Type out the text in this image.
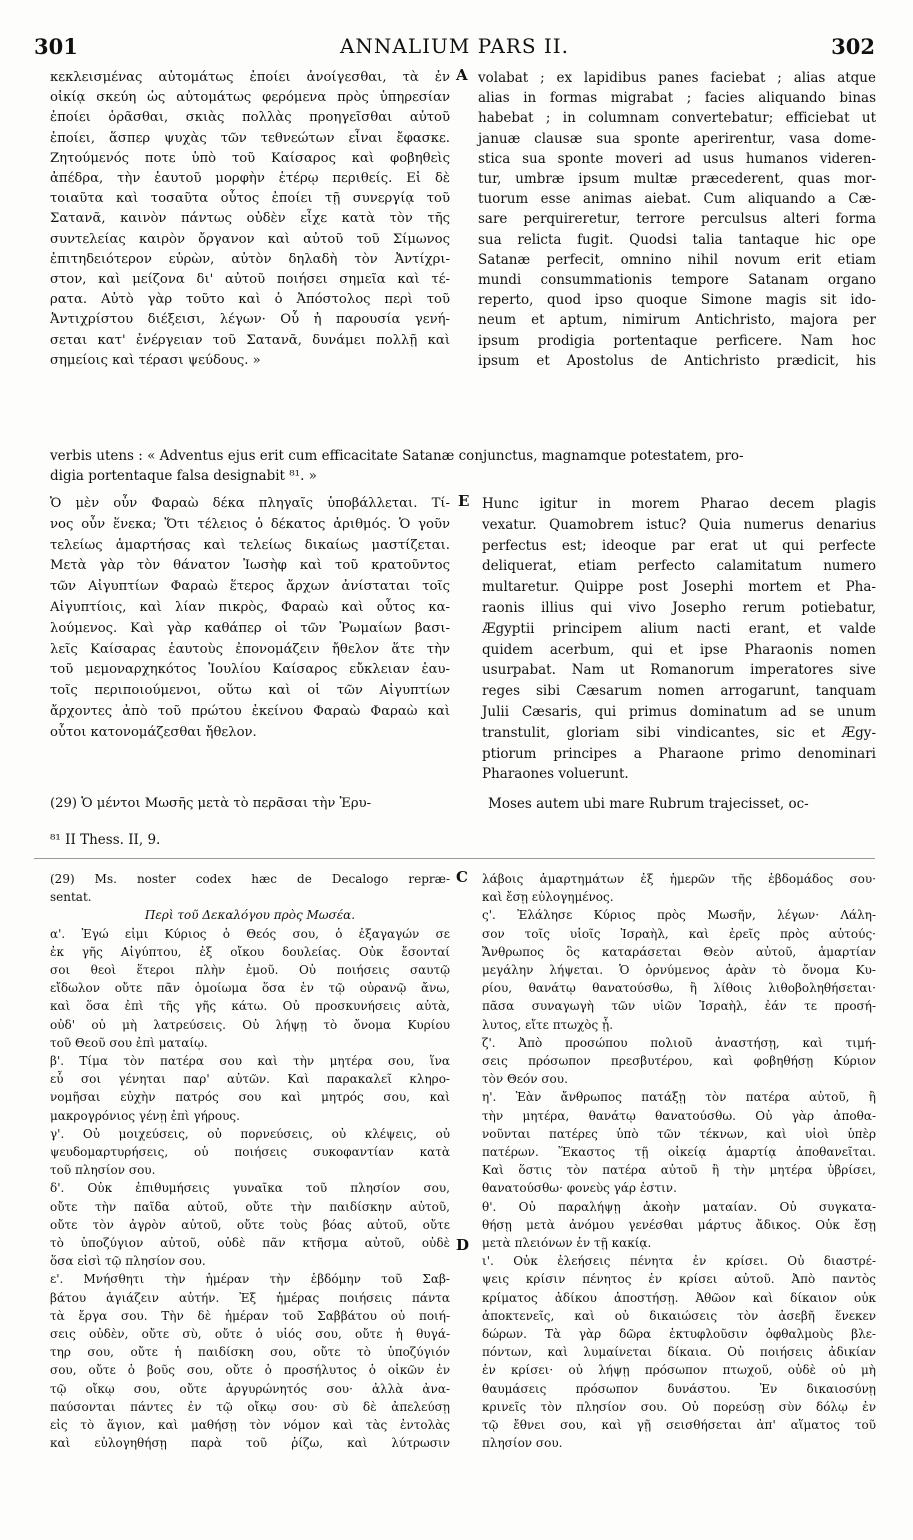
301	ANNALIUM PARS II.	302
A
E
C
D

κεκλεισμένας αὐτομάτως ἐποίει ἀνοίγεσθαι, τὰ ἐν

οἰκίᾳ σκεύη ὡς αὐτομάτως φερόμενα πρὸς ὑπηρεσίαν

ἐποίει ὁρᾶσθαι, σκιὰς πολλὰς προηγεῖσθαι αὐτοῦ

ἐποίει, ἅσπερ ψυχὰς τῶν τεθνεώτων εἶναι ἔφασκε.

Ζητούμενός ποτε ὑπὸ τοῦ Καίσαρος καὶ φοβηθεὶς

ἀπέδρα, τὴν ἑαυτοῦ μορφὴν ἑτέρῳ περιθείς. Εἰ δὲ

τοιαῦτα καὶ τοσαῦτα οὗτος ἐποίει τῇ συνεργίᾳ τοῦ

Σατανᾶ, καινὸν πάντως οὐδὲν εἶχε κατὰ τὸν τῆς

συντελείας καιρὸν ὄργανον καὶ αὐτοῦ τοῦ Σίμωνος

ἐπιτηδειότερον εὑρὼν, αὐτὸν δηλαδὴ τὸν Ἀντίχρι-

στον, καὶ μείζονα δι' αὐτοῦ ποιήσει σημεῖα καὶ τέ-

ρατα. Αὐτὸ γὰρ τοῦτο καὶ ὁ Ἀπόστολος περὶ τοῦ

Ἀντιχρίστου διέξεισι, λέγων· Οὗ ἡ παρουσία γενή-

σεται κατ' ἐνέργειαν τοῦ Σατανᾶ, δυνάμει πολλῇ καὶ

σημείοις καὶ τέρασι ψεύδους. »

volabat ; ex lapidibus panes faciebat ; alias atque

alias in formas migrabat ; facies aliquando binas

habebat ; in columnam convertebatur; efficiebat ut

januæ clausæ sua sponte aperirentur, vasa dome-

stica sua sponte moveri ad usus humanos videren-

tur, umbræ ipsum multæ præcederent, quas mor-

tuorum esse animas aiebat. Cum aliquando a Cæ-

sare perquireretur, terrore perculsus alteri forma

sua relicta fugit. Quodsi talia tantaque hic ope

Satanæ perfecit, omnino nihil novum erit etiam

mundi consummationis tempore Satanam organo

reperto, quod ipso quoque Simone magis sit ido-

neum et aptum, nimirum Antichristo, majora per

ipsum prodigia portentaque perficere. Nam hoc

ipsum et Apostolus de Antichristo prædicit, his

verbis utens : « Adventus ejus erit cum efficacitate Satanæ conjunctus, magnamque potestatem, pro-
digia portentaque falsa designabit ⁸¹. »

Ὁ μὲν οὖν Φαραὼ δέκα πληγαῖς ὑποβάλλεται. Τί-

νος οὖν ἕνεκα; Ὅτι τέλειος ὁ δέκατος ἀριθμός. Ὁ γοῦν

τελείως ἁμαρτήσας καὶ τελείως δικαίως μαστίζεται.

Μετὰ γὰρ τὸν θάνατον Ἰωσὴφ καὶ τοῦ κρατοῦντος

τῶν Αἰγυπτίων Φαραὼ ἕτερος ἄρχων ἀνίσταται τοῖς

Αἰγυπτίοις, καὶ λίαν πικρὸς, Φαραὼ καὶ οὗτος κα-

λούμενος. Καὶ γὰρ καθάπερ οἱ τῶν Ῥωμαίων βασι-

λεῖς Καίσαρας ἑαυτοὺς ἐπονομάζειν ἤθελον ἅτε τὴν

τοῦ μεμοναρχηκότος Ἰουλίου Καίσαρος εὔκλειαν ἑαυ-

τοῖς περιποιούμενοι, οὕτω καὶ οἱ τῶν Αἰγυπτίων

ἄρχοντες ἀπὸ τοῦ πρώτου ἐκείνου Φαραὼ Φαραὼ καὶ

οὗτοι κατονομάζεσθαι ἤθελον.

Hunc igitur in morem Pharao decem plagis

vexatur. Quamobrem istuc? Quia numerus denarius

perfectus est; ideoque par erat ut qui perfecte

deliquerat, etiam perfecto calamitatum numero

multaretur. Quippe post Josephi mortem et Pha-

raonis illius qui vivo Josepho rerum potiebatur,

Ægyptii principem alium nacti erant, et valde

quidem acerbum, qui et ipse Pharaonis nomen

usurpabat. Nam ut Romanorum imperatores sive

reges sibi Cæsarum nomen arrogarunt, tanquam

Julii Cæsaris, qui primus dominatum ad se unum

transtulit, gloriam sibi vindicantes, sic et Ægy-

ptiorum principes a Pharaone primo denominari

Pharaones voluerunt.

(29) Ὁ μέντοι Μωσῆς μετὰ τὸ περᾶσαι τὴν Ἐρυ-	Moses autem ubi mare Rubrum trajecisset, oc-
⁸¹ II Thess. II, 9.

(29) Ms. noster codex hæc de Decalogo repræ-

sentat.

Περὶ τοῦ Δεκαλόγου πρὸς Μωσέα.

α'. Ἐγώ εἰμι Κύριος ὁ Θεός σου, ὁ ἐξαγαγών σε

ἐκ γῆς Αἰγύπτου, ἐξ οἴκου δουλείας. Οὐκ ἔσονταί

σοι θεοὶ ἕτεροι πλὴν ἐμοῦ. Οὐ ποιήσεις σαυτῷ

εἴδωλον οὔτε πᾶν ὁμοίωμα ὅσα ἐν τῷ οὐρανῷ ἄνω,

καὶ ὅσα ἐπὶ τῆς γῆς κάτω. Οὐ προσκυνήσεις αὐτὰ,

οὐδ' οὐ μὴ λατρεύσεις. Οὐ λήψῃ τὸ ὄνομα Κυρίου

τοῦ Θεοῦ σου ἐπὶ ματαίῳ.

β'. Τίμα τὸν πατέρα σου καὶ τὴν μητέρα σου, ἵνα

εὖ σοι γένηται παρ' αὐτῶν. Καὶ παρακαλεῖ κληρο-

νομῆσαι εὐχὴν πατρός σου καὶ μητρός σου, καὶ

μακρογρόνιος γένῃ ἐπὶ γήρους.

γ'. Οὐ μοιχεύσεις, οὐ πορνεύσεις, οὐ κλέψεις, οὐ

ψευδομαρτυρήσεις, οὐ ποιήσεις συκοφαντίαν κατὰ

τοῦ πλησίον σου.

δ'. Οὐκ ἐπιθυμήσεις γυναῖκα τοῦ πλησίον σου,

οὔτε τὴν παῖδα αὐτοῦ, οὔτε τὴν παιδίσκην αὐτοῦ,

οὔτε τὸν ἀγρὸν αὐτοῦ, οὔτε τοὺς βόας αὐτοῦ, οὔτε

τὸ ὑποζύγιον αὐτοῦ, οὐδὲ πᾶν κτῆσμα αὐτοῦ, οὐδὲ

ὅσα εἰσὶ τῷ πλησίον σου.

ε'. Μνήσθητι τὴν ἡμέραν τὴν ἑβδόμην τοῦ Σαβ-

βάτου ἁγιάζειν αὐτήν. Ἐξ ἡμέρας ποιήσεις πάντα

τὰ ἔργα σου. Τὴν δὲ ἡμέραν τοῦ Σαββάτου οὐ ποιή-

σεις οὐδὲν, οὔτε σὺ, οὔτε ὁ υἱός σου, οὔτε ἡ θυγά-

τηρ σου, οὔτε ἡ παιδίσκη σου, οὔτε τὸ ὑποζύγιόν

σου, οὔτε ὁ βοῦς σου, οὔτε ὁ προσήλυτος ὁ οἰκῶν ἐν

τῷ οἴκῳ σου, οὔτε ἀργυρώνητός σου· ἀλλὰ ἀνα-

παύσονται πάντες ἐν τῷ οἴκῳ σου· σὺ δὲ ἀπελεύσῃ

εἰς τὸ ἅγιον, καὶ μαθήσῃ τὸν νόμον καὶ τὰς ἐντολὰς

καὶ εὐλογηθήσῃ παρὰ τοῦ ῥίζω, καὶ λύτρωσιν

λάβοις ἁμαρτημάτων ἐξ ἡμερῶν τῆς ἑβδομάδος σου·

καὶ ἔσῃ εὐλογημένος.

ς'. Ἐλάλησε Κύριος πρὸς Μωσῆν, λέγων· Λάλη-

σον τοῖς υἱοῖς Ἰσραὴλ, καὶ ἐρεῖς πρὸς αὐτούς·

Ἄνθρωπος ὃς καταράσεται Θεὸν αὐτοῦ, ἁμαρτίαν

μεγάλην λήψεται. Ὁ ὀρνύμενος ἀρὰν τὸ ὄνομα Κυ-

ρίου, θανάτῳ θανατούσθω, ἢ λίθοις λιθοβοληθήσεται·

πᾶσα συναγωγὴ τῶν υἱῶν Ἰσραὴλ, ἐάν τε προσή-

λυτος, εἴτε πτωχὸς ᾖ.

ζ'. Ἀπὸ προσώπου πολιοῦ ἀναστήσῃ, καὶ τιμή-

σεις πρόσωπον πρεσβυτέρου, καὶ φοβηθήσῃ Κύριον

τὸν Θεόν σου.

η'. Ἐὰν ἄνθρωπος πατάξῃ τὸν πατέρα αὐτοῦ, ἢ

τὴν μητέρα, θανάτῳ θανατούσθω. Οὐ γὰρ ἀποθα-

νοῦνται πατέρες ὑπὸ τῶν τέκνων, καὶ υἱοὶ ὑπὲρ

πατέρων. Ἕκαστος τῇ οἰκείᾳ ἁμαρτίᾳ ἀποθανεῖται.

Καὶ ὅστις τὸν πατέρα αὐτοῦ ἢ τὴν μητέρα ὑβρίσει,

θανατούσθω· φονεὺς γάρ ἐστιν.

θ'. Οὐ παραλήψῃ ἀκοὴν ματαίαν. Οὐ συγκατα-

θήσῃ μετὰ ἀνόμου γενέσθαι μάρτυς ἄδικος. Οὐκ ἔσῃ

μετὰ πλειόνων ἐν τῇ κακίᾳ.

ι'. Οὐκ ἐλεήσεις πένητα ἐν κρίσει. Οὐ διαστρέ-

ψεις κρίσιν πένητος ἐν κρίσει αὐτοῦ. Ἀπὸ παντὸς

κρίματος ἀδίκου ἀποστήσῃ. Ἀθῶον καὶ δίκαιον οὐκ

ἀποκτενεῖς, καὶ οὐ δικαιώσεις τὸν ἀσεβῆ ἕνεκεν

δώρων. Τὰ γὰρ δῶρα ἐκτυφλοῦσιν ὀφθαλμοὺς βλε-

πόντων, καὶ λυμαίνεται δίκαια. Οὐ ποιήσεις ἀδικίαν

ἐν κρίσει· οὐ λήψῃ πρόσωπον πτωχοῦ, οὐδὲ οὐ μὴ

θαυμάσεις πρόσωπον δυνάστου. Ἐν δικαιοσύνῃ

κρινεῖς τὸν πλησίον σου. Οὐ πορεύσῃ σὺν δόλῳ ἐν

τῷ ἔθνει σου, καὶ γῇ σεισθήσεται ἀπ' αἵματος τοῦ

πλησίον σου.
